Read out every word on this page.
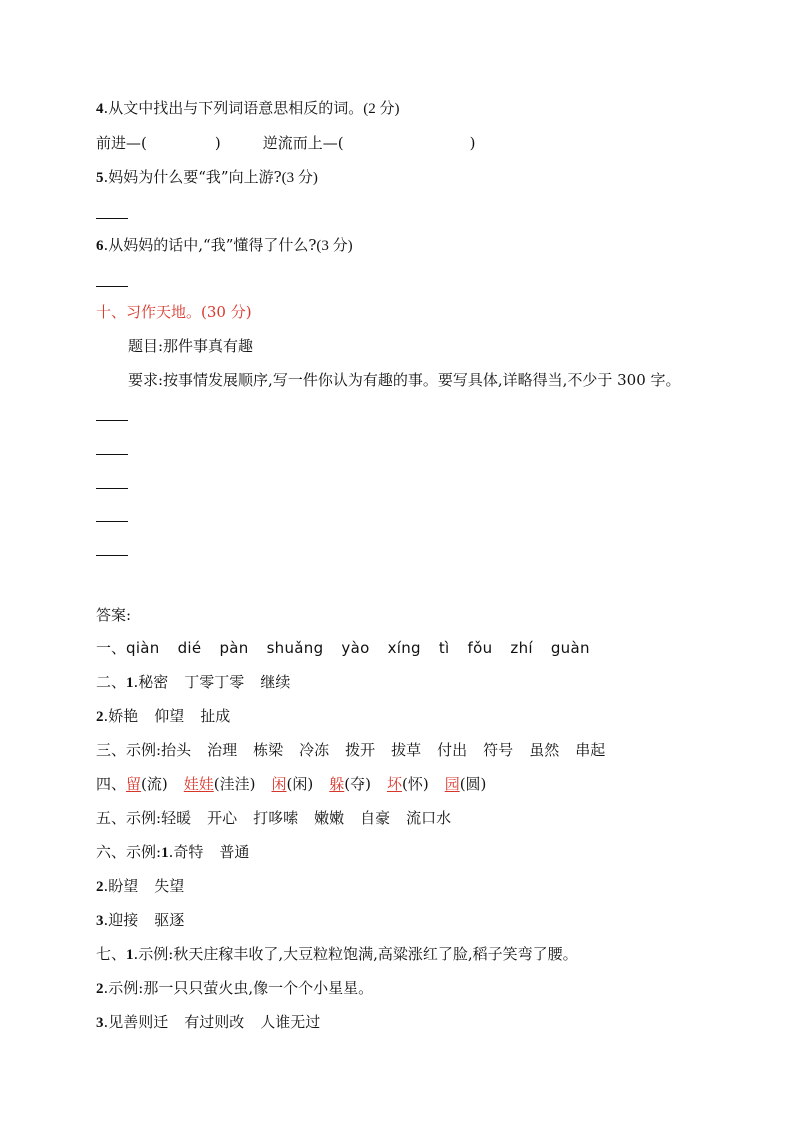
4.从文中找出与下列词语意思相反的词。(2 分)
前进—(	)	逆流而上—(	)
5.妈妈为什么要“我”向上游?(3 分)
6.从妈妈的话中,“我”懂得了什么?(3 分)
十、习作天地。(30 分)
题目:那件事真有趣
要求:按事情发展顺序,写一件你认为有趣的事。要写具体,详略得当,不少于 300 字。
答案:
一、qiàn dié pàn shuǎng yào xíng tì fǒu zhí guàn
二、1.秘密 丁零丁零 继续
2.娇艳 仰望 扯成
三、示例:抬头 治理 栋梁 冷冻 拨开 拔草 付出 符号 虽然 串起
四、留(流) 娃娃(洼洼) 闲(闲) 躲(夺) 坏(怀) 园(圆)
五、示例:轻暖 开心 打哆嗦 嫩嫩 自豪 流口水
六、示例:1.奇特 普通
2.盼望 失望
3.迎接 驱逐
七、1.示例:秋天庄稼丰收了,大豆粒粒饱满,高粱涨红了脸,稻子笑弯了腰。
2.示例:那一只只萤火虫,像一个个小星星。
3.见善则迁 有过则改 人谁无过
